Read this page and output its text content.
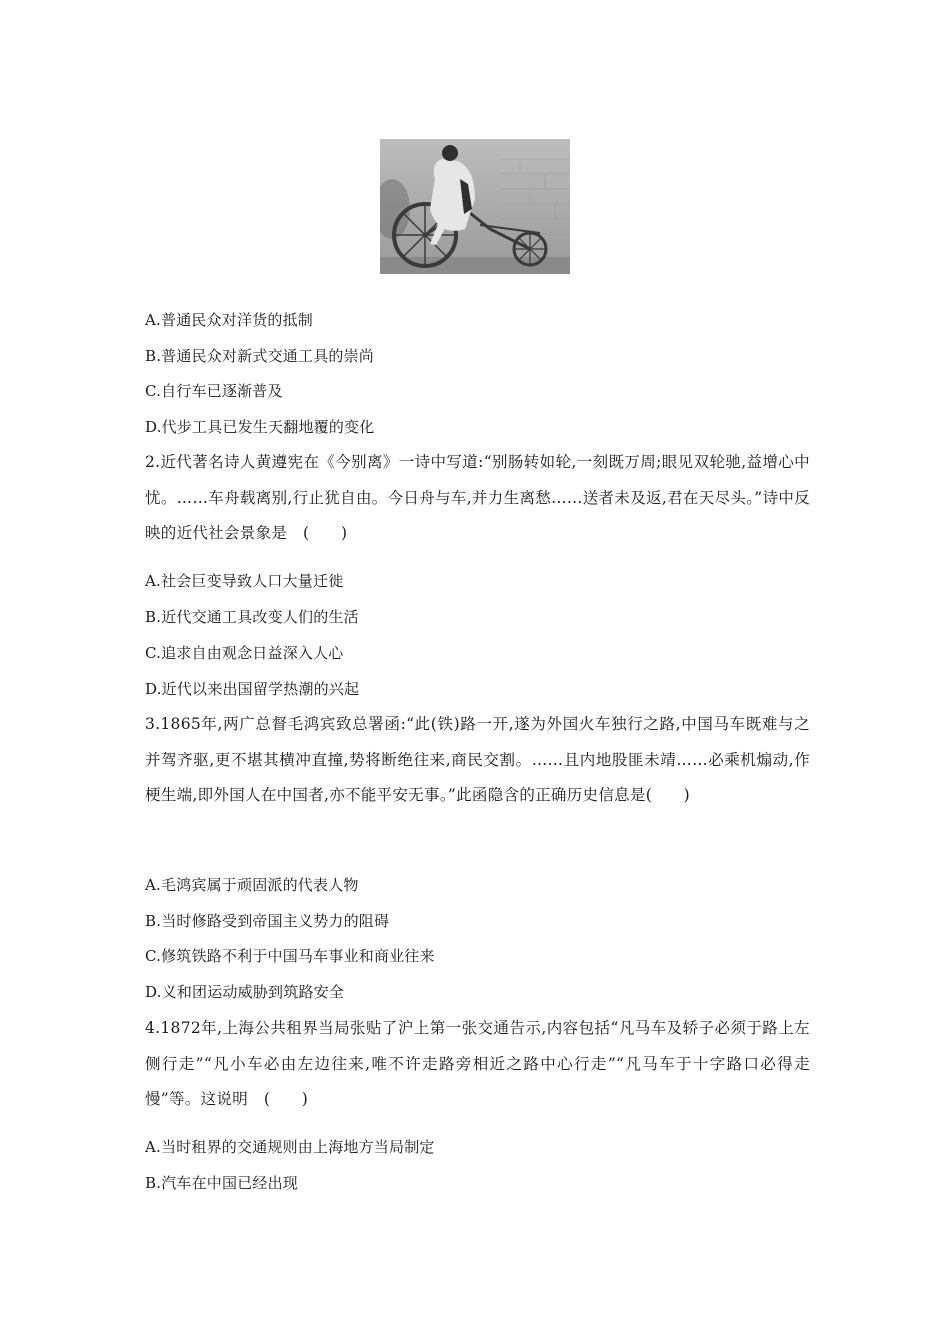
A.普通民众对洋货的抵制
B.普通民众对新式交通工具的崇尚
C.自行车已逐渐普及
D.代步工具已发生天翻地覆的变化
2.近代著名诗人黄遵宪在《今别离》一诗中写道:“别肠转如轮,一刻既万周;眼见双轮驰,益增心中忧。……车舟载离别,行止犹自由。今日舟与车,并力生离愁……送者未及返,君在天尽头。”诗中反映的近代社会景象是　(　　)
A.社会巨变导致人口大量迁徙
B.近代交通工具改变人们的生活
C.追求自由观念日益深入人心
D.近代以来出国留学热潮的兴起
3.1865年,两广总督毛鸿宾致总署函:“此(铁)路一开,遂为外国火车独行之路,中国马车既难与之并驾齐驱,更不堪其横冲直撞,势将断绝往来,商民交割。……且内地股匪未靖……必乘机煽动,作梗生端,即外国人在中国者,亦不能平安无事。”此函隐含的正确历史信息是(　　)
A.毛鸿宾属于顽固派的代表人物
B.当时修路受到帝国主义势力的阻碍
C.修筑铁路不利于中国马车事业和商业往来
D.义和团运动威胁到筑路安全
4.1872年,上海公共租界当局张贴了沪上第一张交通告示,内容包括“凡马车及轿子必须于路上左侧行走”“凡小车必由左边往来,唯不许走路旁相近之路中心行走”“凡马车于十字路口必得走慢”等。这说明　(　　)
A.当时租界的交通规则由上海地方当局制定
B.汽车在中国已经出现
